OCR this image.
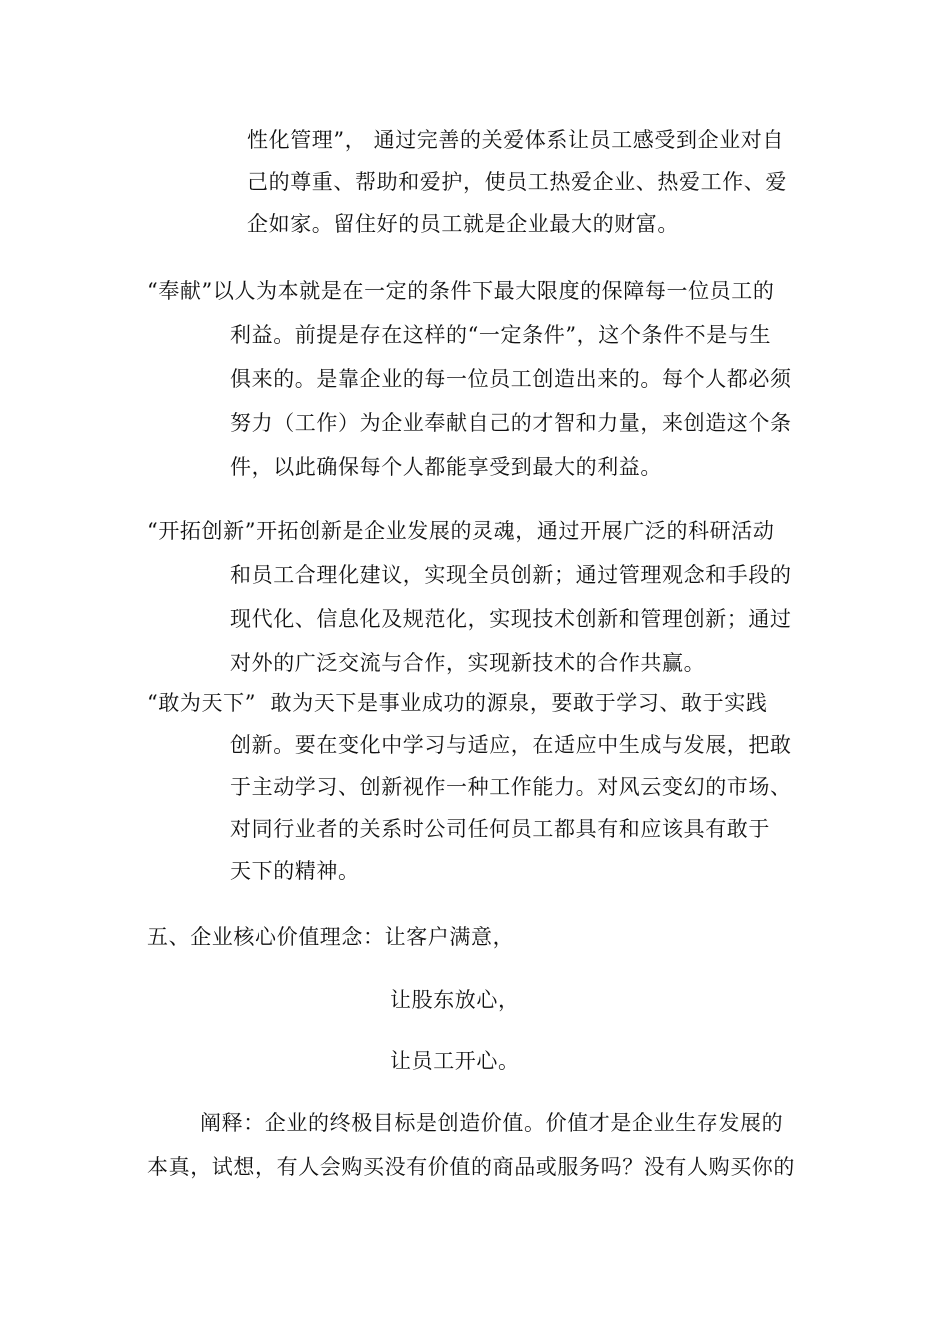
性化管理”， 通过完善的关爱体系让员工感受到企业对自
己的尊重、帮助和爱护，使员工热爱企业、热爱工作、爱
企如家。留住好的员工就是企业最大的财富。
“奉献”以人为本就是在一定的条件下最大限度的保障每一位员工的
利益。前提是存在这样的“一定条件”，这个条件不是与生
俱来的。是靠企业的每一位员工创造出来的。每个人都必须
努力（工作）为企业奉献自己的才智和力量，来创造这个条
件，以此确保每个人都能享受到最大的利益。
“开拓创新”开拓创新是企业发展的灵魂，通过开展广泛的科研活动
和员工合理化建议，实现全员创新；通过管理观念和手段的
现代化、信息化及规范化，实现技术创新和管理创新；通过
对外的广泛交流与合作，实现新技术的合作共赢。
“敢为天下”  敢为天下是事业成功的源泉，要敢于学习、敢于实践
创新。要在变化中学习与适应，在适应中生成与发展，把敢
于主动学习、创新视作一种工作能力。对风云变幻的市场、
对同行业者的关系时公司任何员工都具有和应该具有敢于
天下的精神。
五、企业核心价值理念：让客户满意，
让股东放心，
让员工开心。
阐释：企业的终极目标是创造价值。价值才是企业生存发展的
本真，试想，有人会购买没有价值的商品或服务吗？没有人购买你的
